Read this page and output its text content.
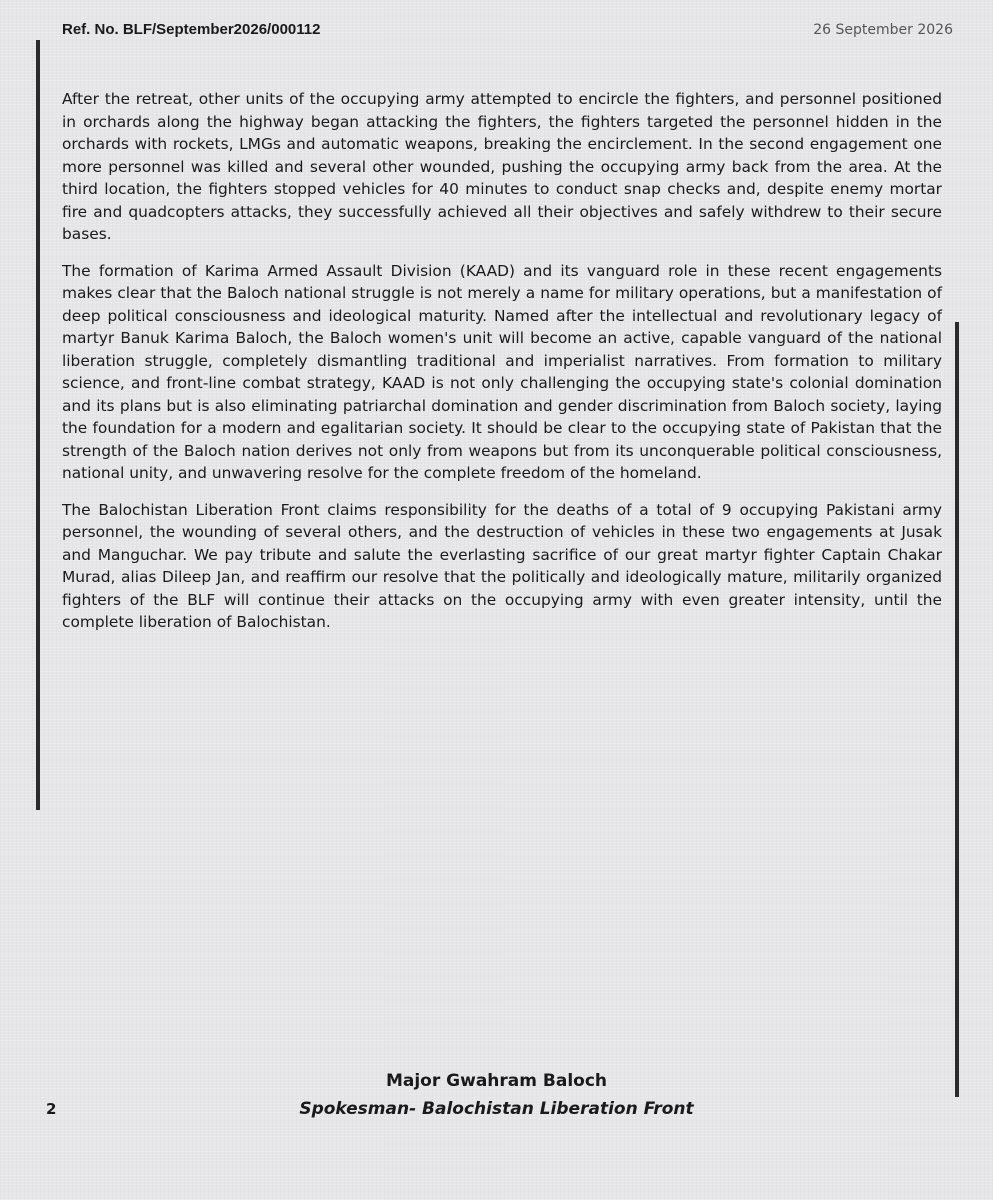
Ref. No. BLF/September2026/000112	26 September 2026

After the retreat, other units of the occupying army attempted to encircle the fighters, and personnel positioned in orchards along the highway began attacking the fighters, the fighters targeted the personnel hidden in the orchards with rockets, LMGs and automatic weapons, breaking the encirclement. In the second engagement one more personnel was killed and several other wounded, pushing the occupying army back from the area. At the third location, the fighters stopped vehicles for 40 minutes to conduct snap checks and, despite enemy mortar fire and quadcopters attacks, they successfully achieved all their objectives and safely withdrew to their secure bases.

The formation of Karima Armed Assault Division (KAAD) and its vanguard role in these recent engagements makes clear that the Baloch national struggle is not merely a name for military operations, but a manifestation of deep political consciousness and ideological maturity. Named after the intellectual and revolutionary legacy of martyr Banuk Karima Baloch, the Baloch women's unit will become an active, capable vanguard of the national liberation struggle, completely dismantling traditional and imperialist narratives. From formation to military science, and front-line combat strategy, KAAD is not only challenging the occupying state's colonial domination and its plans but is also eliminating patriarchal domination and gender discrimination from Baloch society, laying the foundation for a modern and egalitarian society. It should be clear to the occupying state of Pakistan that the strength of the Baloch nation derives not only from weapons but from its unconquerable political consciousness, national unity, and unwavering resolve for the complete freedom of the homeland.

The Balochistan Liberation Front claims responsibility for the deaths of a total of 9 occupying Pakistani army personnel, the wounding of several others, and the destruction of vehicles in these two engagements at Jusak and Manguchar. We pay tribute and salute the everlasting sacrifice of our great martyr fighter Captain Chakar Murad, alias Dileep Jan, and reaffirm our resolve that the politically and ideologically mature, militarily organized fighters of the BLF will continue their attacks on the occupying army with even greater intensity, until the complete liberation of Balochistan.

Major Gwahram Baloch
Spokesman- Balochistan Liberation Front
2
